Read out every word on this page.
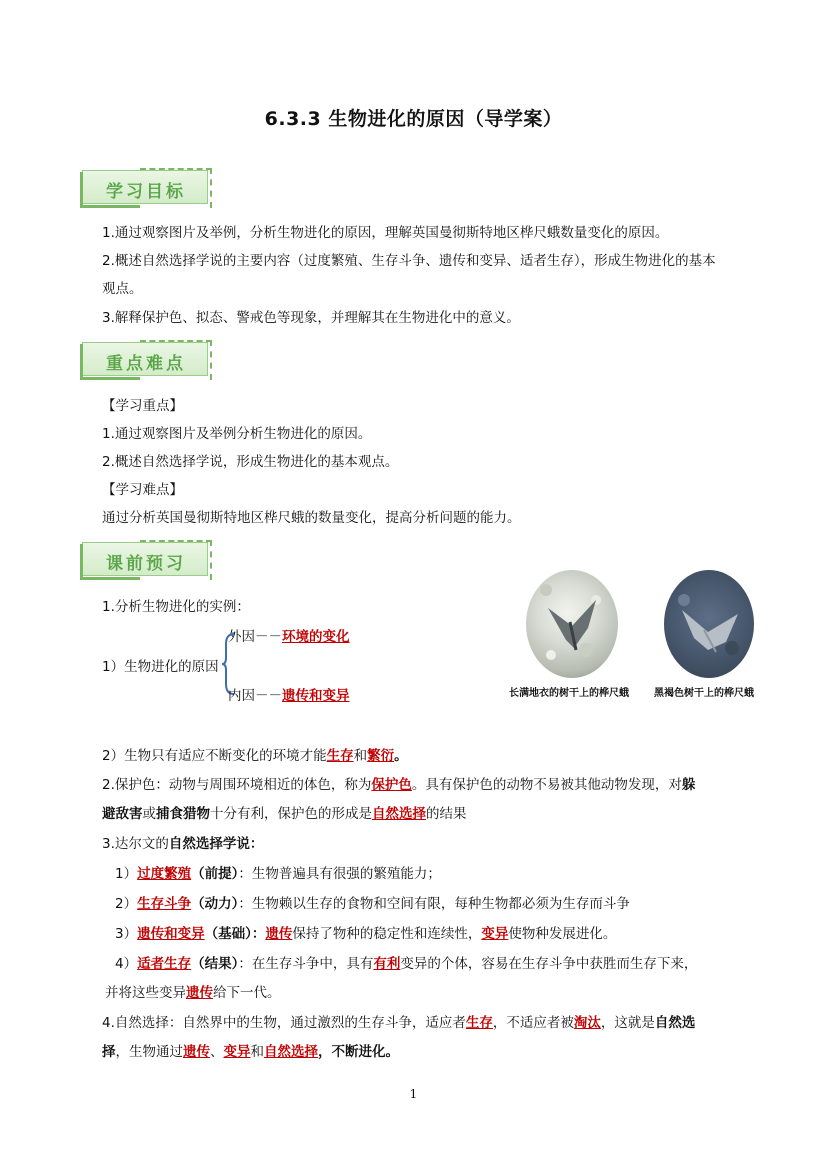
6.3.3 生物进化的原因（导学案）
学习目标
1.通过观察图片及举例，分析生物进化的原因，理解英国曼彻斯特地区桦尺蛾数量变化的原因。
2.概述自然选择学说的主要内容（过度繁殖、生存斗争、遗传和变异、适者生存），形成生物进化的基本
观点。
3.解释保护色、拟态、警戒色等现象，并理解其在生物进化中的意义。
重点难点
【学习重点】
1.通过观察图片及举例分析生物进化的原因。
2.概述自然选择学说，形成生物进化的基本观点。
【学习难点】
通过分析英国曼彻斯特地区桦尺蛾的数量变化，提高分析问题的能力。
课前预习
1.分析生物进化的实例：
外因－－环境的变化
1）生物进化的原因
内因－－遗传和变异	长满地衣的树干上的桦尺蛾	黑褐色树干上的桦尺蛾
2）生物只有适应不断变化的环境才能生存和繁衍。
2.保护色：动物与周围环境相近的体色，称为保护色。具有保护色的动物不易被其他动物发现，对躲
避敌害或捕食猎物十分有利，保护色的形成是自然选择的结果
3.达尔文的自然选择学说：
1）过度繁殖（前提）：生物普遍具有很强的繁殖能力；
2）生存斗争（动力）：生物赖以生存的食物和空间有限，每种生物都必须为生存而斗争
3）遗传和变异（基础）：遗传保持了物种的稳定性和连续性，变异使物种发展进化。
4）适者生存（结果）：在生存斗争中，具有有利变异的个体，容易在生存斗争中获胜而生存下来，
并将这些变异遗传给下一代。
4.自然选择：自然界中的生物，通过激烈的生存斗争，适应者生存，不适应者被淘汰，这就是自然选
择，生物通过遗传、变异和自然选择，不断进化。
1
